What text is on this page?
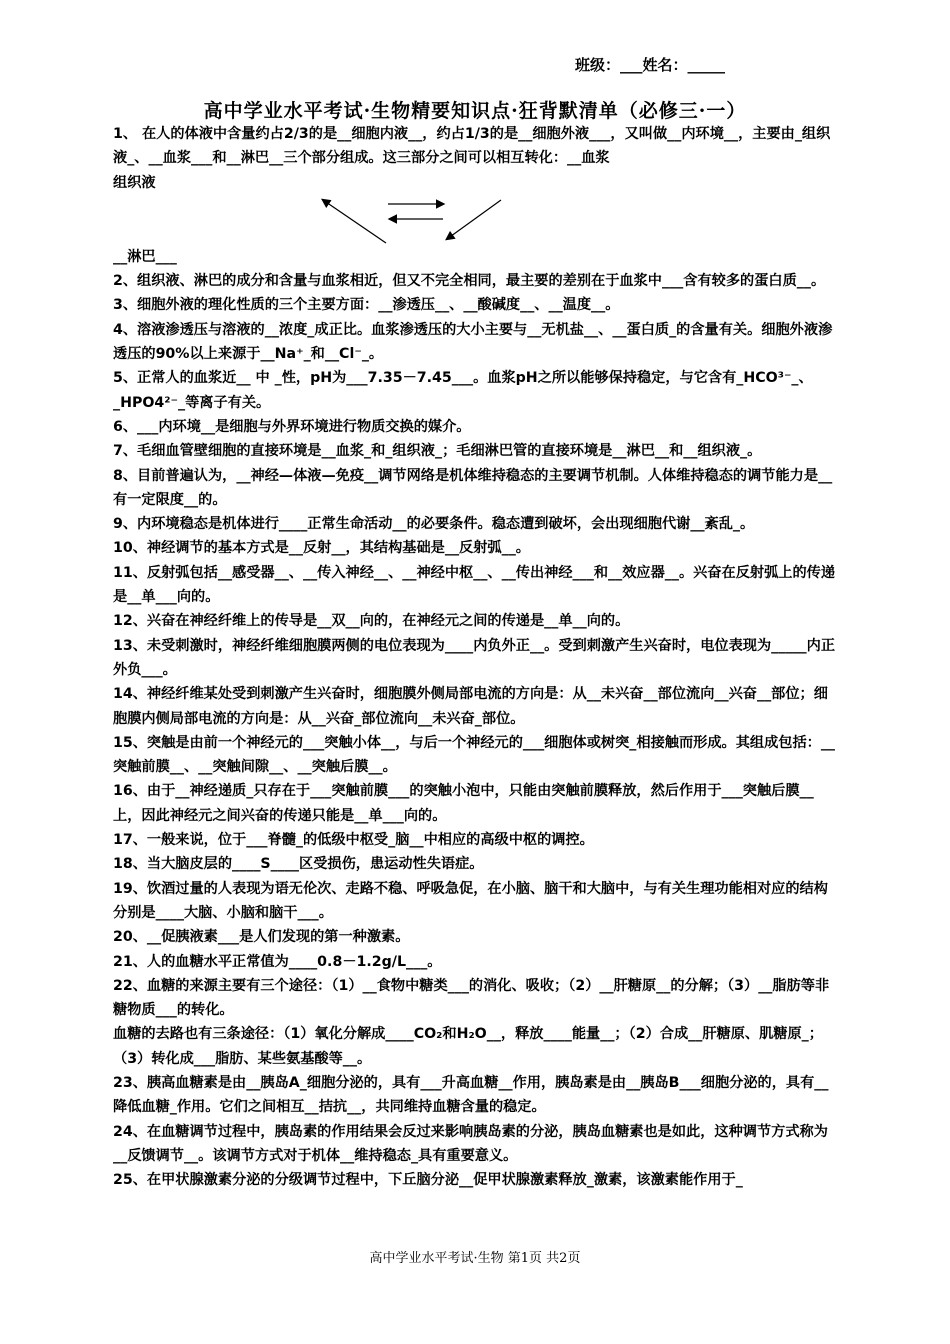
班级：___姓名：_____
高中学业水平考试·生物精要知识点·狂背默清单（必修三·一）

1、 在人的体液中含量约占2/3的是__细胞内液__，约占1/3的是__细胞外液___，又叫做__内环境__，主要由_组织液_、__血浆___和__淋巴__三个部分组成。这三部分之间可以相互转化：__血浆

组织液

__淋巴___

2、组织液、淋巴的成分和含量与血浆相近，但又不完全相同，最主要的差别在于血浆中___含有较多的蛋白质__。

3、细胞外液的理化性质的三个主要方面：__渗透压__、__酸碱度__、__温度__。

4、溶液渗透压与溶液的__浓度_成正比。血浆渗透压的大小主要与__无机盐__、__蛋白质_的含量有关。细胞外液渗透压的90%以上来源于__Na⁺_和__Cl⁻_。

5、正常人的血浆近__ 中 _性，pH为___7.35－7.45___。血浆pH之所以能够保持稳定，与它含有_HCO³⁻_、_HPO4²⁻_等离子有关。

6、___内环境__是细胞与外界环境进行物质交换的媒介。

7、毛细血管壁细胞的直接环境是__血浆_和_组织液_；毛细淋巴管的直接环境是__淋巴__和__组织液_。

8、目前普遍认为，__神经—体液—免疫__调节网络是机体维持稳态的主要调节机制。人体维持稳态的调节能力是__有一定限度__的。

9、内环境稳态是机体进行____正常生命活动__的必要条件。稳态遭到破坏，会出现细胞代谢__紊乱_。

10、神经调节的基本方式是__反射__，其结构基础是__反射弧__。

11、反射弧包括__感受器__、__传入神经__、__神经中枢__、__传出神经___和__效应器__。兴奋在反射弧上的传递是__单___向的。

12、兴奋在神经纤维上的传导是__双__向的，在神经元之间的传递是__单__向的。

13、未受刺激时，神经纤维细胞膜两侧的电位表现为____内负外正__。受到刺激产生兴奋时，电位表现为_____内正外负___。

14、神经纤维某处受到刺激产生兴奋时，细胞膜外侧局部电流的方向是：从__未兴奋__部位流向__兴奋__部位；细胞膜内侧局部电流的方向是：从__兴奋_部位流向__未兴奋_部位。

15、突触是由前一个神经元的___突触小体__，与后一个神经元的___细胞体或树突_相接触而形成。其组成包括：__突触前膜__、__突触间隙__、__突触后膜__。

16、由于__神经递质_只存在于___突触前膜___的突触小泡中，只能由突触前膜释放，然后作用于___突触后膜__上，因此神经元之间兴奋的传递只能是__单___向的。

17、一般来说，位于___脊髓_的低级中枢受_脑__中相应的高级中枢的调控。

18、当大脑皮层的____S____区受损伤，患运动性失语症。

19、饮酒过量的人表现为语无伦次、走路不稳、呼吸急促，在小脑、脑干和大脑中，与有关生理功能相对应的结构分别是____大脑、小脑和脑干___。

20、__促胰液素___是人们发现的第一种激素。

21、人的血糖水平正常值为____0.8－1.2g/L___。

22、血糖的来源主要有三个途径：（1）__食物中糖类___的消化、吸收；（2）__肝糖原__的分解；（3）__脂肪等非糖物质___的转化。

血糖的去路也有三条途径：（1）氧化分解成____CO₂和H₂O__，释放____能量__；（2）合成__肝糖原、肌糖原_；（3）转化成___脂肪、某些氨基酸等__。

23、胰高血糖素是由__胰岛A_细胞分泌的，具有___升高血糖__作用，胰岛素是由__胰岛B___细胞分泌的，具有__降低血糖_作用。它们之间相互__拮抗__，共同维持血糖含量的稳定。

24、在血糖调节过程中，胰岛素的作用结果会反过来影响胰岛素的分泌，胰岛血糖素也是如此，这种调节方式称为__反馈调节__。该调节方式对于机体__维持稳态_具有重要意义。

25、在甲状腺激素分泌的分级调节过程中，下丘脑分泌__促甲状腺激素释放_激素，该激素能作用于_

高中学业水平考试·生物 第1页 共2页
